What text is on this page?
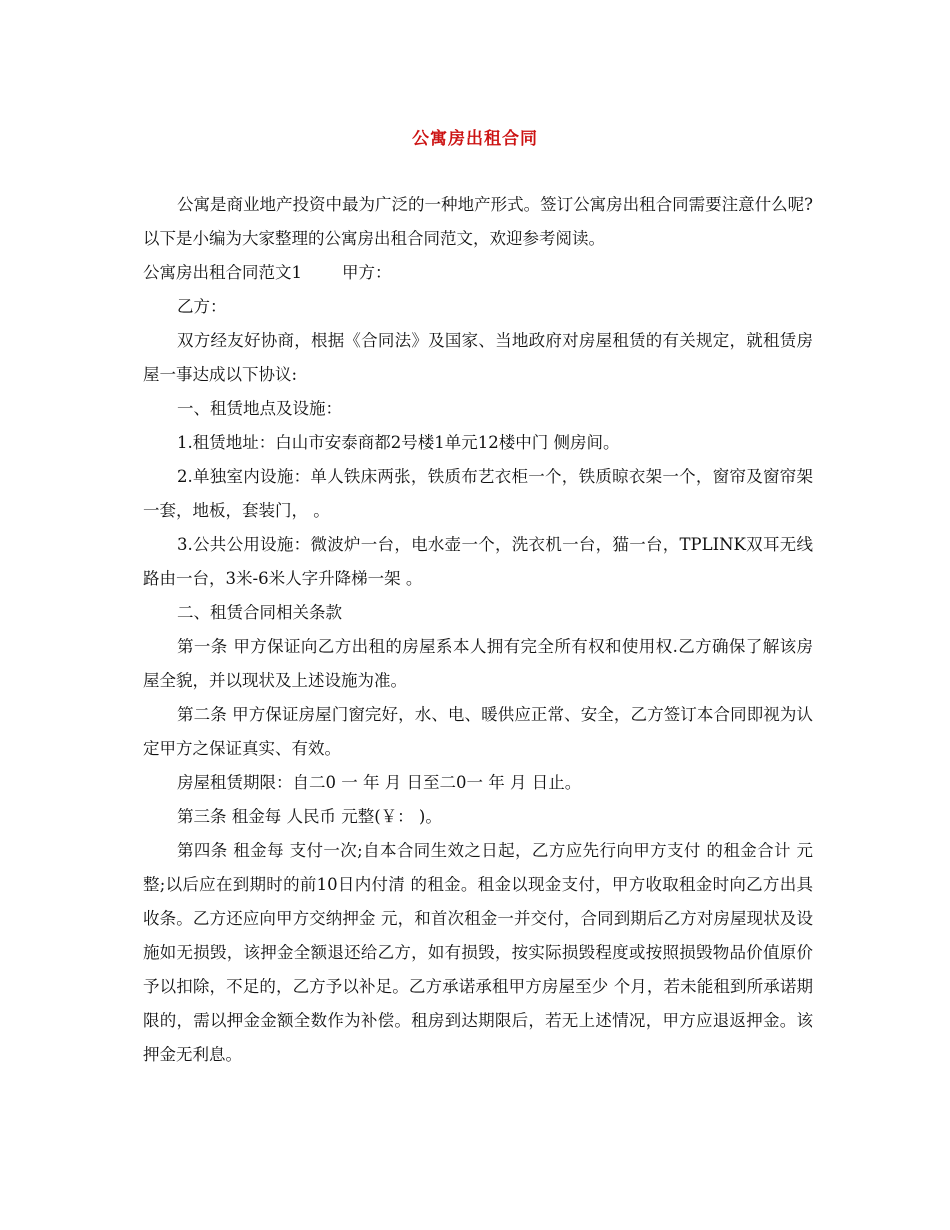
公寓房出租合同

公寓是商业地产投资中最为广泛的一种地产形式。签订公寓房出租合同需要注意什么呢?以下是小编为大家整理的公寓房出租合同范文，欢迎参考阅读。

公寓房出租合同范文1 甲方：

乙方：

双方经友好协商，根据《合同法》及国家、当地政府对房屋租赁的有关规定，就租赁房屋一事达成以下协议:

一、租赁地点及设施：

1.租赁地址：白山市安泰商都2号楼1单元12楼中门 侧房间。

2.单独室内设施：单人铁床两张，铁质布艺衣柜一个，铁质晾衣架一个，窗帘及窗帘架一套，地板，套装门， 。

3.公共公用设施：微波炉一台，电水壶一个，洗衣机一台，猫一台，TPLINK双耳无线路由一台，3米-6米人字升降梯一架 。

二、租赁合同相关条款

第一条 甲方保证向乙方出租的房屋系本人拥有完全所有权和使用权.乙方确保了解该房屋全貌，并以现状及上述设施为准。

第二条 甲方保证房屋门窗完好，水、电、暖供应正常、安全，乙方签订本合同即视为认定甲方之保证真实、有效。

房屋租赁期限：自二0 一 年 月 日至二0一 年 月 日止。

第三条 租金每 人民币 元整(￥： )。

第四条 租金每 支付一次;自本合同生效之日起，乙方应先行向甲方支付 的租金合计 元整;以后应在到期时的前10日内付清 的租金。租金以现金支付，甲方收取租金时向乙方出具收条。乙方还应向甲方交纳押金 元，和首次租金一并交付，合同到期后乙方对房屋现状及设施如无损毁，该押金全额退还给乙方，如有损毁，按实际损毁程度或按照损毁物品价值原价予以扣除，不足的，乙方予以补足。乙方承诺承租甲方房屋至少 个月，若未能租到所承诺期限的，需以押金金额全数作为补偿。租房到达期限后，若无上述情况，甲方应退返押金。该押金无利息。
